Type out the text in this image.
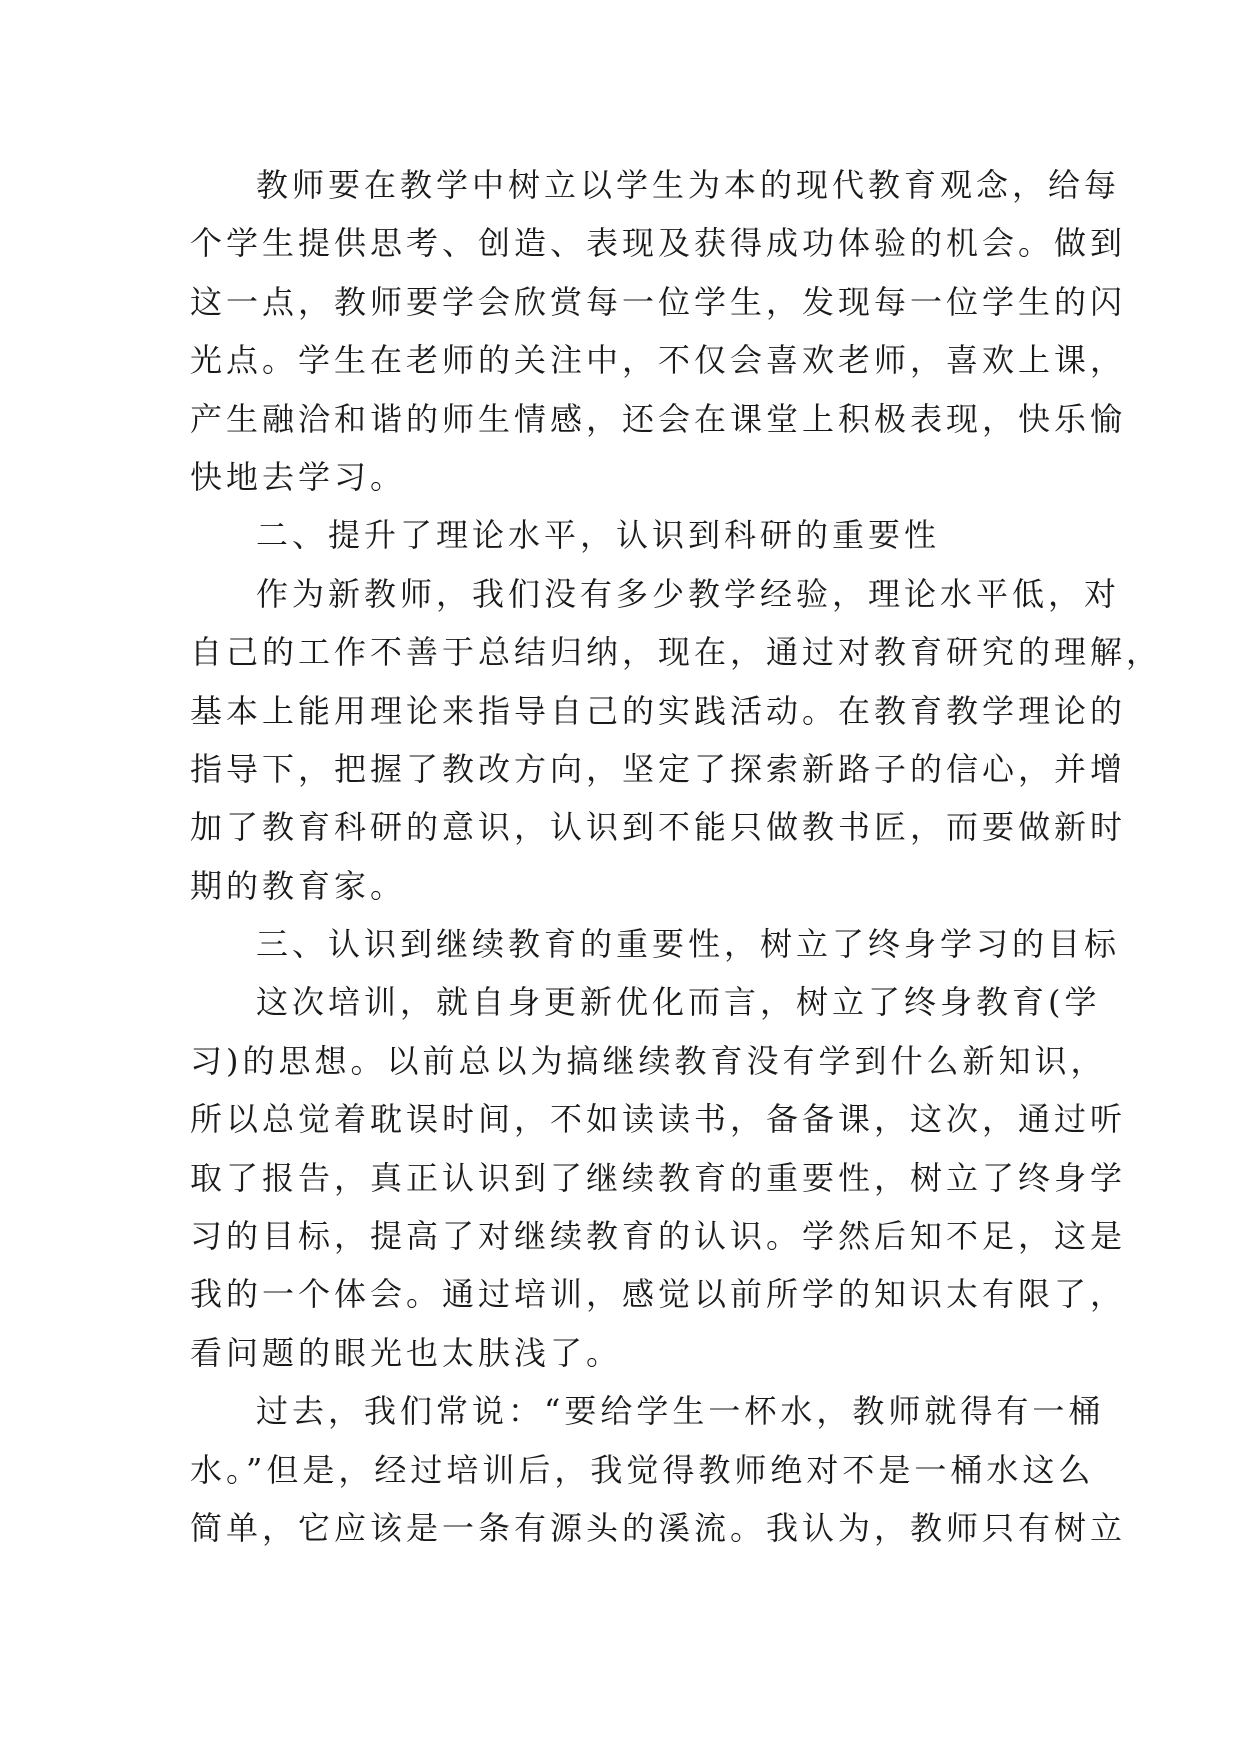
教师要在教学中树立以学生为本的现代教育观念，给每
个学生提供思考、创造、表现及获得成功体验的机会。做到
这一点，教师要学会欣赏每一位学生，发现每一位学生的闪
光点。学生在老师的关注中，不仅会喜欢老师，喜欢上课，
产生融洽和谐的师生情感，还会在课堂上积极表现，快乐愉
快地去学习。
二、提升了理论水平，认识到科研的重要性
作为新教师，我们没有多少教学经验，理论水平低，对
自己的工作不善于总结归纳，现在，通过对教育研究的理解，
基本上能用理论来指导自己的实践活动。在教育教学理论的
指导下，把握了教改方向，坚定了探索新路子的信心，并增
加了教育科研的意识，认识到不能只做教书匠，而要做新时
期的教育家。
三、认识到继续教育的重要性，树立了终身学习的目标
这次培训，就自身更新优化而言，树立了终身教育(学
习)的思想。以前总以为搞继续教育没有学到什么新知识，
所以总觉着耽误时间，不如读读书，备备课，这次，通过听
取了报告，真正认识到了继续教育的重要性，树立了终身学
习的目标，提高了对继续教育的认识。学然后知不足，这是
我的一个体会。通过培训，感觉以前所学的知识太有限了，
看问题的眼光也太肤浅了。
过去，我们常说：“要给学生一杯水，教师就得有一桶
水。”但是，经过培训后，我觉得教师绝对不是一桶水这么
简单，它应该是一条有源头的溪流。我认为，教师只有树立
